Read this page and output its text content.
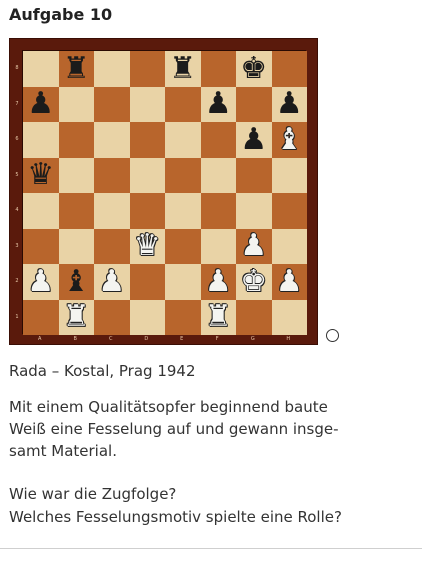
Aufgabe 10
♜	♜ ♚
♟	♟ ♟
♟ ♝
♛
♛	♟
♟ ♝ ♟	♟ ♚ ♟
♜	♜
8
7
6
5
4
3
2
1
A	B	C	D	E	F	G	H
Rada – Kostal, Prag 1942
Mit einem Qualitätsopfer beginnend baute
Weiß eine Fesselung auf und gewann insge-
samt Material.
Wie war die Zugfolge?
Welches Fesselungsmotiv spielte eine Rolle?
